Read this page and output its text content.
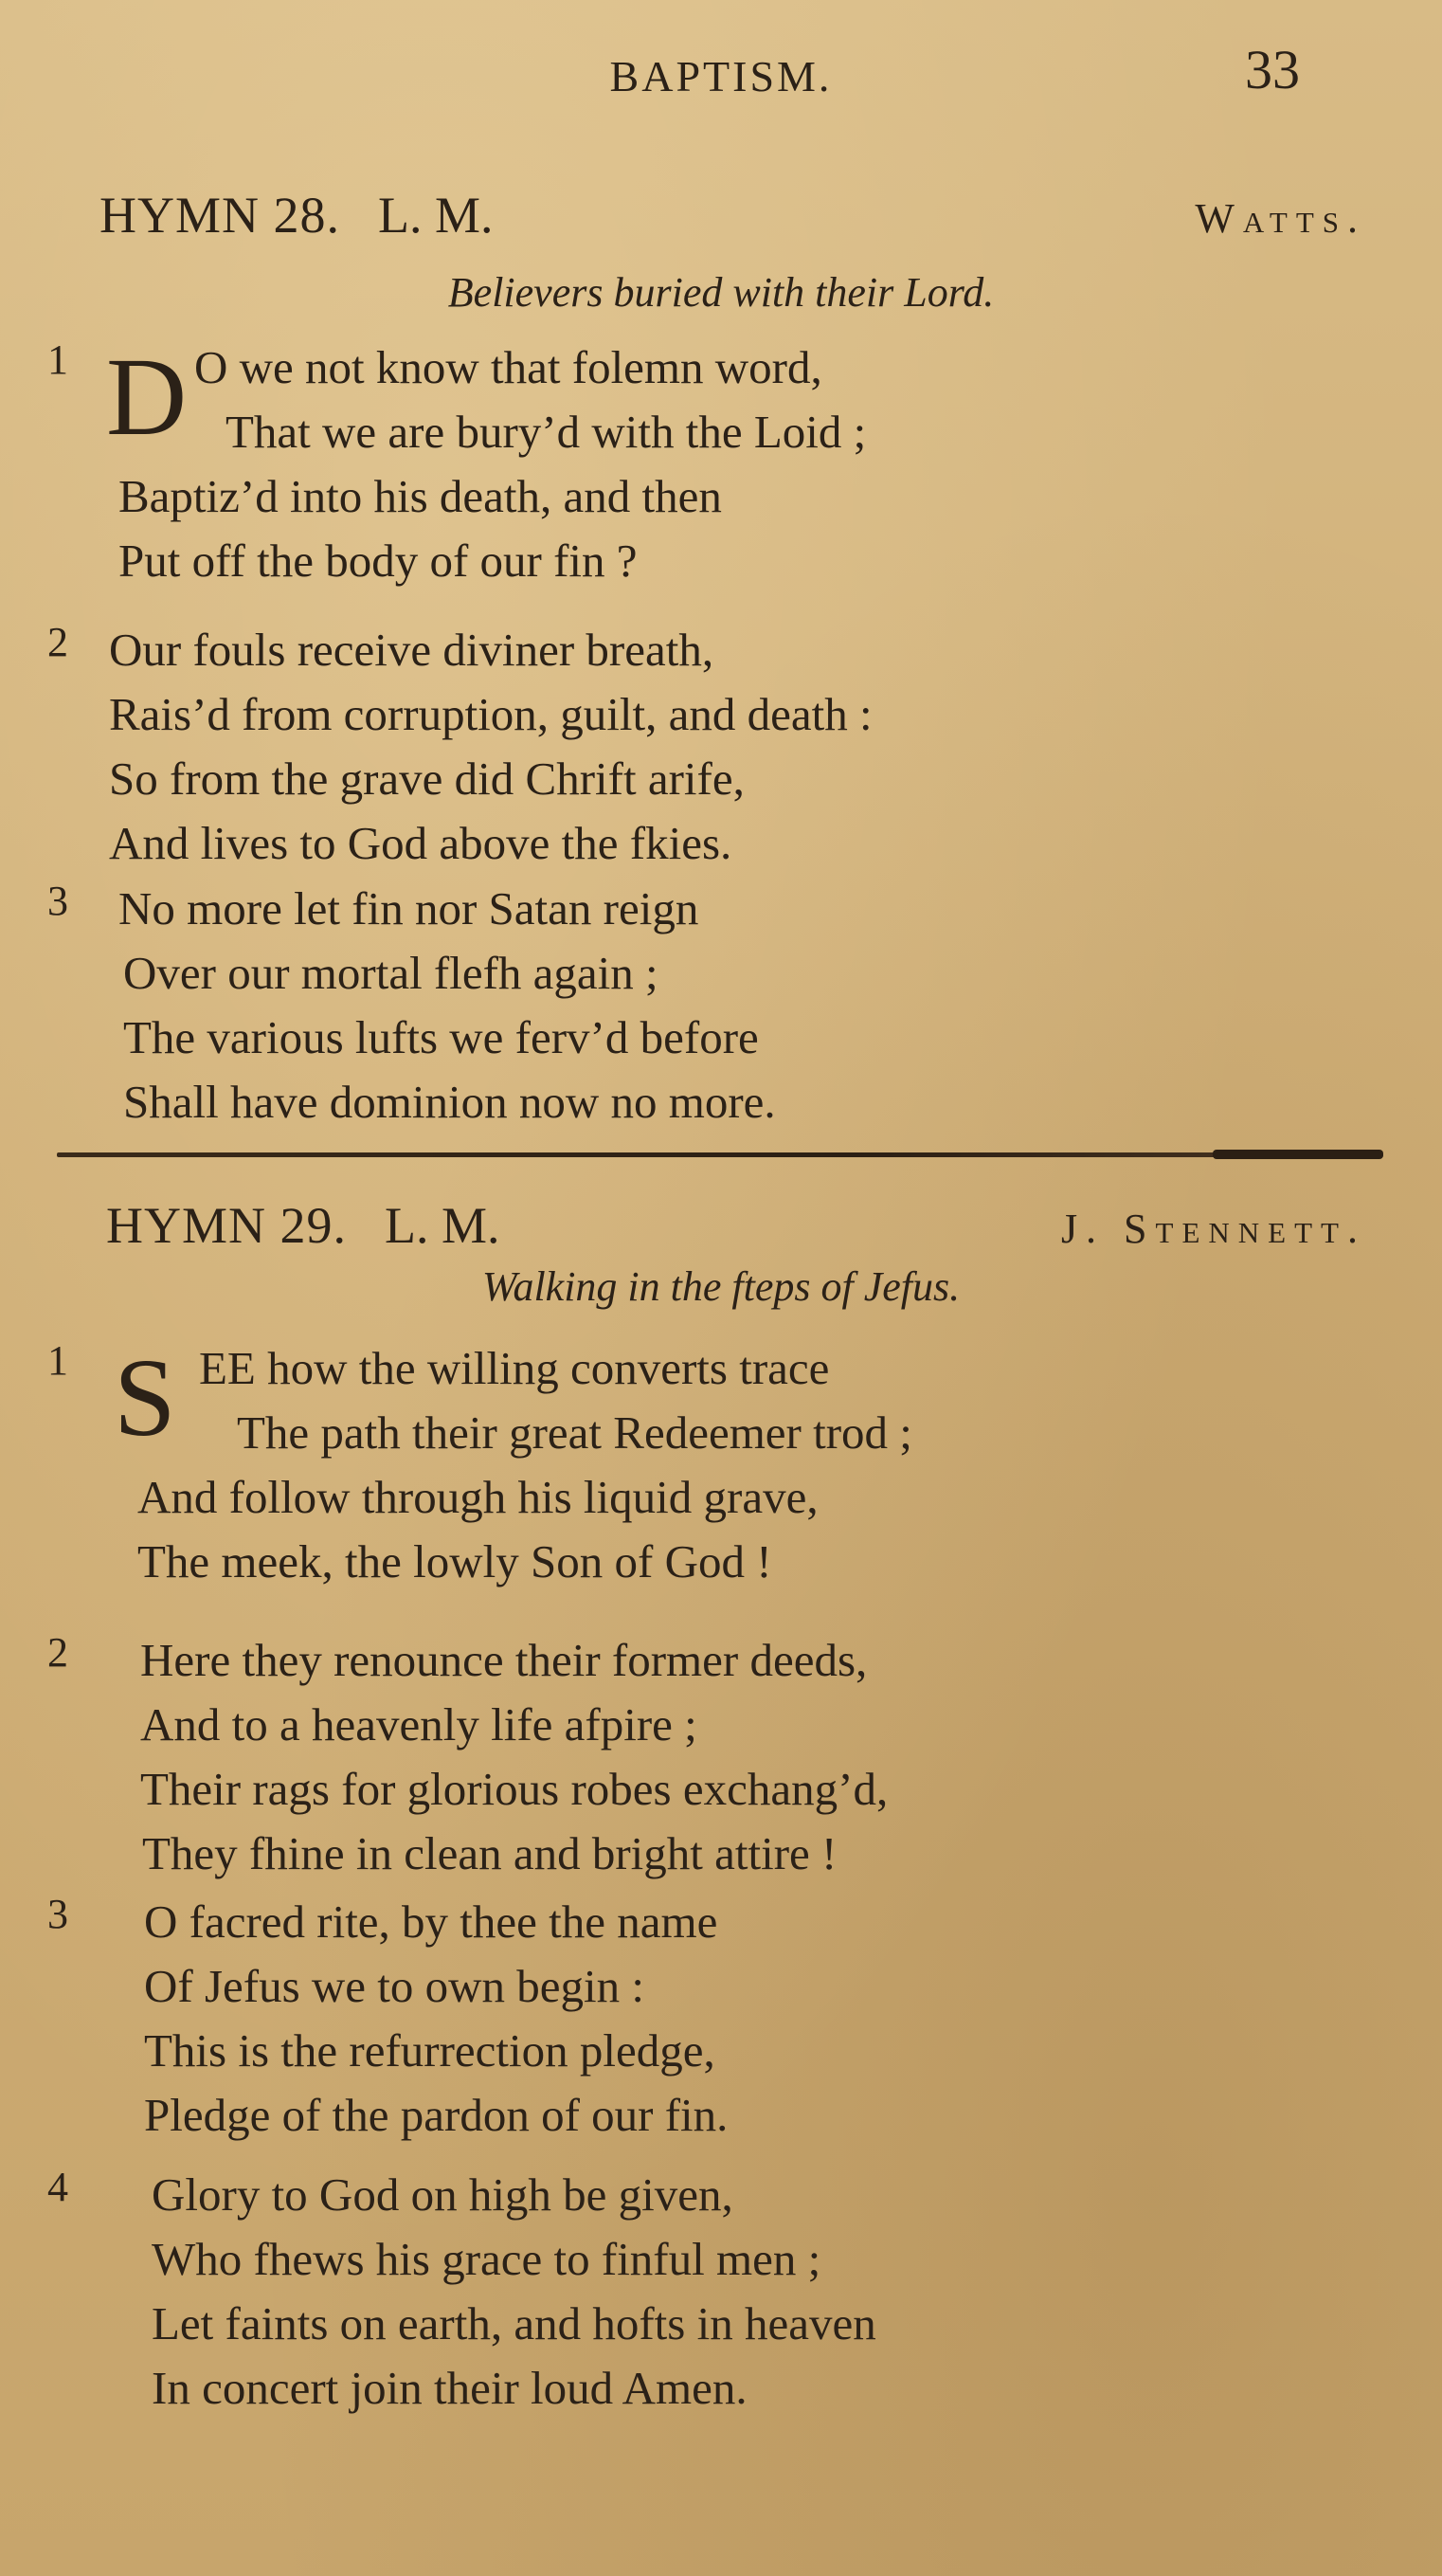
BAPTISM.	33
HYMN 28. L. M.	Watts.
Believers buried with their Lord.
1 D O we not know that folemn word,
That we are bury’d with the Loid ;
Baptiz’d into his death, and then
Put off the body of our fin ?
2 Our fouls receive diviner breath,
Rais’d from corruption, guilt, and death :
So from the grave did Chrift arife,
And lives to God above the fkies.
3	No more let fin nor Satan reign
Over our mortal flefh again ;
The various lufts we ferv’d before
Shall have dominion now no more.
HYMN 29. L. M.	J. Stennett.
Walking in the fteps of Jefus.
1 S EE how the willing converts trace
The path their great Redeemer trod ;
And follow through his liquid grave,
The meek, the lowly Son of God !
2	Here they renounce their former deeds,
And to a heavenly life afpire ;
Their rags for glorious robes exchang’d,
They fhine in clean and bright attire !
3	O facred rite, by thee the name
Of Jefus we to own begin :
This is the refurrection pledge,
Pledge of the pardon of our fin.
4	Glory to God on high be given,
Who fhews his grace to finful men ;
Let faints on earth, and hofts in heaven
In concert join their loud Amen.
